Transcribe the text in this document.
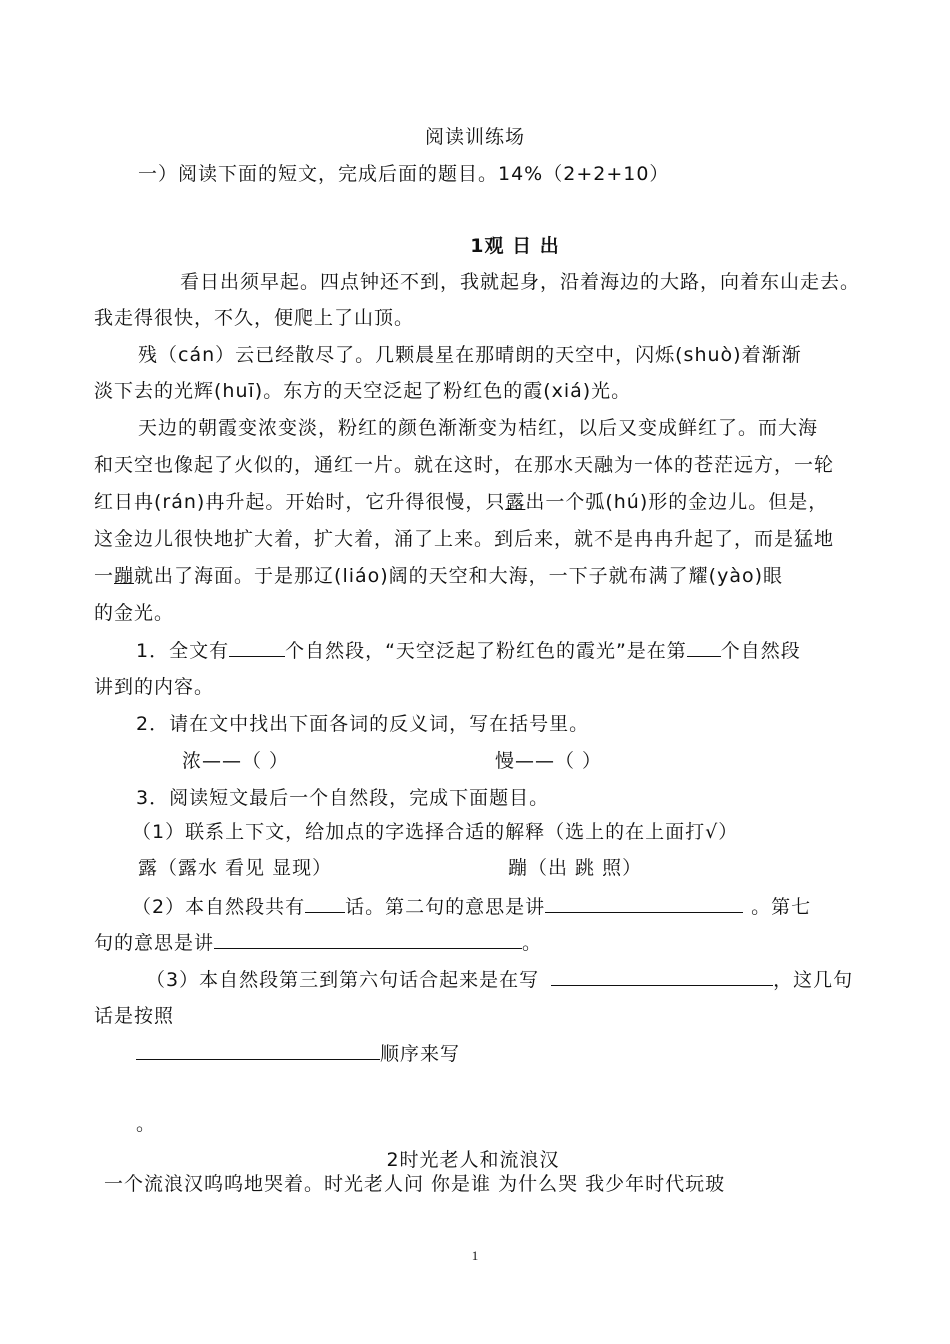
阅读训练场
一）阅读下面的短文，完成后面的题目。14%（2+2+10）
1观 日 出
看日出须早起。四点钟还不到，我就起身，沿着海边的大路，向着东山走去。
我走得很快，不久，便爬上了山顶。
残（cán）云已经散尽了。几颗晨星在那晴朗的天空中，闪烁(shuò)着渐渐
淡下去的光辉(huī)。东方的天空泛起了粉红色的霞(xiá)光。
天边的朝霞变浓变淡，粉红的颜色渐渐变为桔红，以后又变成鲜红了。而大海
和天空也像起了火似的，通红一片。就在这时，在那水天融为一体的苍茫远方，一轮
红日冉(rán)冉升起。开始时，它升得很慢，只露出一个弧(hú)形的金边儿。但是，
这金边儿很快地扩大着，扩大着，涌了上来。到后来，就不是冉冉升起了，而是猛地
一蹦就出了海面。于是那辽(liáo)阔的天空和大海，一下子就布满了耀(yào)眼
的金光。
1．全文有	个自然段，“天空泛起了粉红色的霞光”是在第 个自然段
讲到的内容。
2．请在文中找出下面各词的反义词，写在括号里。
浓——（ ）	慢——（ ）
3．阅读短文最后一个自然段，完成下面题目。
（1）联系上下文，给加点的字选择合适的解释（选上的在上面打√）
露（露水 看见 显现）	蹦（出 跳 照）
（2）本自然段共有 话。第二句的意思是讲	。第七
句的意思是讲	。
（3）本自然段第三到第六句话合起来是在写	，这几句
话是按照
顺序来写
。
2时光老人和流浪汉
一个流浪汉呜呜地哭着。时光老人问 你是谁 为什么哭 我少年时代玩玻
1
